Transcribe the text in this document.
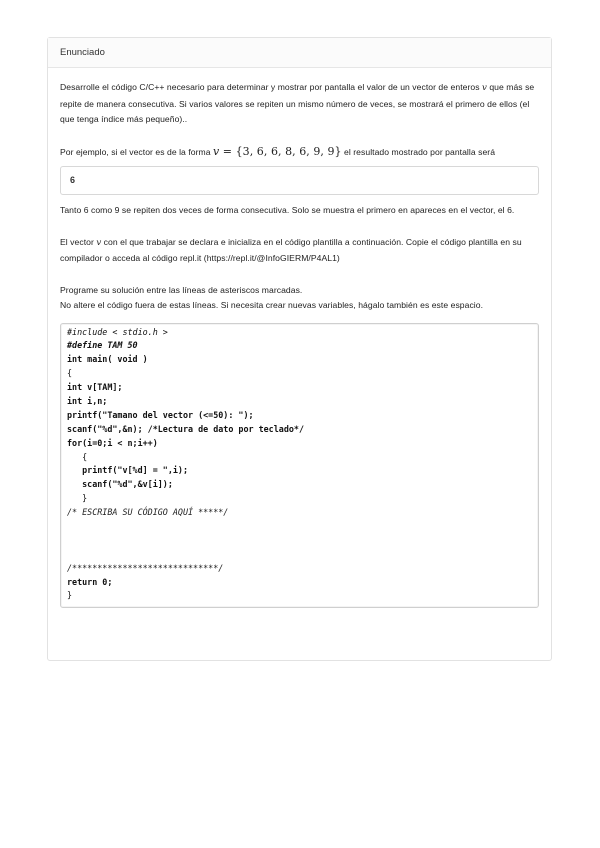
Enunciado

Desarrolle el código C/C++ necesario para determinar y mostrar por pantalla el valor de un vector de enteros v que más se repite de manera consecutiva. Si varios valores se repiten un mismo número de veces, se mostrará el primero de ellos (el que tenga índice más pequeño)..

Por ejemplo, si el vector es de la forma v = {3, 6, 6, 8, 6, 9, 9} el resultado mostrado por pantalla será

6

Tanto 6 como 9 se repiten dos veces de forma consecutiva. Solo se muestra el primero en apareces en el vector, el 6.

El vector v con el que trabajar se declara e inicializa en el código plantilla a continuación. Copie el código plantilla en su compilador o acceda al código repl.it (https://repl.it/@InfoGIERM/P4AL1)

Programe su solución entre las líneas de asteriscos marcadas.
No altere el código fuera de estas líneas. Si necesita crear nuevas variables, hágalo también es este espacio.

#include < stdio.h >
#define TAM 50
int main( void )
{
int v[TAM];
int i,n;
printf("Tamano del vector (<=50): ");
scanf("%d",&n); /*Lectura de dato por teclado*/
for(i=0;i < n;i++)
{
printf("v[%d] = ",i);
scanf("%d",&v[i]);
}
/* ESCRIBA SU CÓDIGO AQUÍ *****/
/*****************************/
return 0;
}
